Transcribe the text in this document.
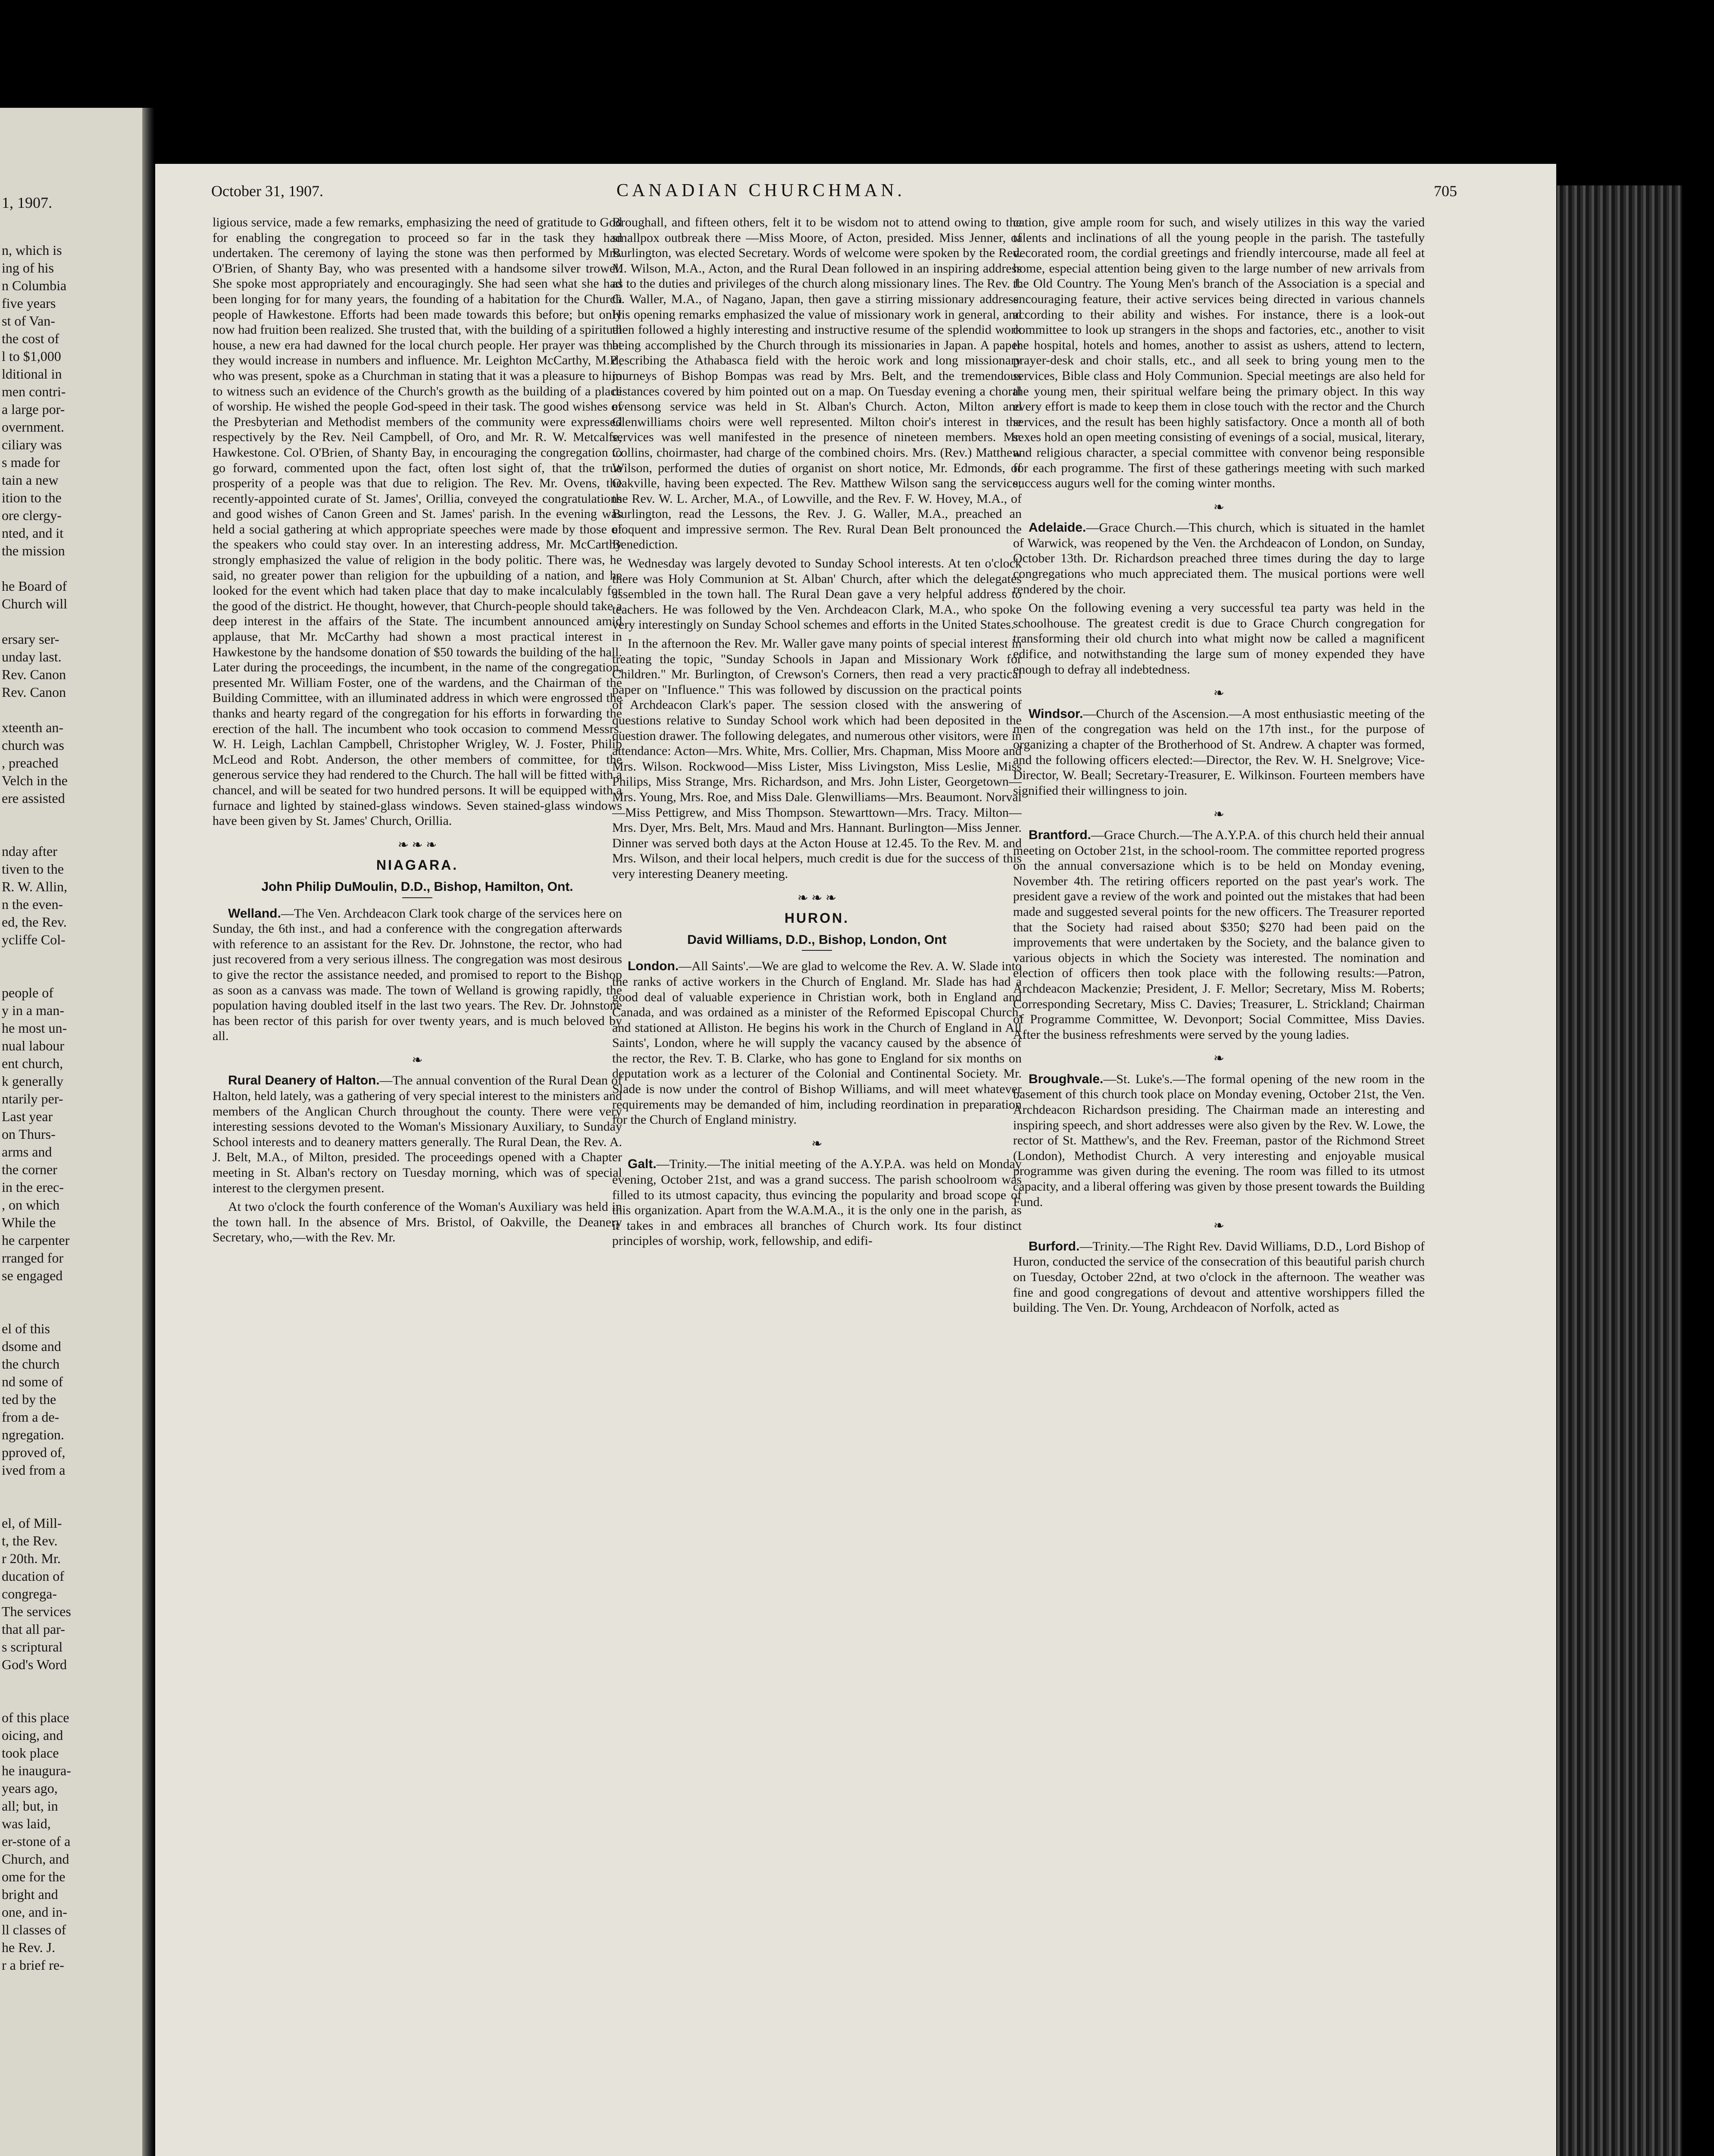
1, 1907.
n, which is
ing of his
n Columbia
five years
st of Van-
the cost of
l to $1,000
lditional in
men contri-
a large por-
overnment.
ciliary was
s made for
tain a new
ition to the
ore clergy-
nted, and it
the mission
he Board of
Church will
ersary ser-
unday last.
Rev. Canon
Rev. Canon
xteenth an-
church was
, preached
Velch in the
ere assisted
nday after
tiven to the
R. W. Allin,
n the even-
ed, the Rev.
ycliffe Col-
people of
y in a man-
he most un-
nual labour
ent church,
k generally
ntarily per-
Last year
on Thurs-
arms and
the corner
in the erec-
, on which
While the
he carpenter
rranged for
se engaged
el of this
dsome and
the church
nd some of
ted by the
from a de-
ngregation.
pproved of,
ived from a
el, of Mill-
t, the Rev.
r 20th. Mr.
ducation of
congrega-
The services
that all par-
s scriptural
God's Word
of this place
oicing, and
took place
he inaugura-
years ago,
all; but, in
was laid,
er-stone of a
Church, and
ome for the
bright and
one, and in-
ll classes of
he Rev. J.
r a brief re-
October 31, 1907.	CANADIAN CHURCHMAN.	705

ligious service, made a few remarks, emphasizing the need of gratitude to God for enabling the congregation to proceed so far in the task they had undertaken. The ceremony of laying the stone was then performed by Mrs. O'Brien, of Shanty Bay, who was presented with a handsome silver trowel. She spoke most appropriately and encouragingly. She had seen what she had been longing for for many years, the founding of a habitation for the Church people of Hawkestone. Efforts had been made towards this before; but only now had fruition been realized. She trusted that, with the building of a spiritual house, a new era had dawned for the local church people. Her prayer was that they would increase in numbers and influence. Mr. Leighton McCarthy, M.P., who was present, spoke as a Churchman in stating that it was a pleasure to him to witness such an evidence of the Church's growth as the building of a place of worship. He wished the people God-speed in their task. The good wishes of the Presbyterian and Methodist members of the community were expressed respectively by the Rev. Neil Campbell, of Oro, and Mr. R. W. Metcalfe, Hawkestone. Col. O'Brien, of Shanty Bay, in encouraging the congregation to go forward, commented upon the fact, often lost sight of, that the true prosperity of a people was that due to religion. The Rev. Mr. Ovens, the recently-appointed curate of St. James', Orillia, conveyed the congratulations and good wishes of Canon Green and St. James' parish. In the evening was held a social gathering at which appropriate speeches were made by those of the speakers who could stay over. In an interesting address, Mr. McCarthy strongly emphasized the value of religion in the body politic. There was, he said, no greater power than religion for the upbuilding of a nation, and he looked for the event which had taken place that day to make incalculably for the good of the district. He thought, however, that Church-people should take a deep interest in the affairs of the State. The incumbent announced amid applause, that Mr. McCarthy had shown a most practical interest in Hawkestone by the handsome donation of $50 towards the building of the hall. Later during the proceedings, the incumbent, in the name of the congregation, presented Mr. William Foster, one of the wardens, and the Chairman of the Building Committee, with an illuminated address in which were engrossed the thanks and hearty regard of the congregation for his efforts in forwarding the erection of the hall. The incumbent who took occasion to commend Messrs. W. H. Leigh, Lachlan Campbell, Christopher Wrigley, W. J. Foster, Philip McLeod and Robt. Anderson, the other members of committee, for the generous service they had rendered to the Church. The hall will be fitted with a chancel, and will be seated for two hundred persons. It will be equipped with a furnace and lighted by stained-glass windows. Seven stained-glass windows have been given by St. James' Church, Orillia.

❧ ❧ ❧
NIAGARA.
John Philip DuMoulin, D.D., Bishop, Hamilton, Ont.

Welland.—The Ven. Archdeacon Clark took charge of the services here on Sunday, the 6th inst., and had a conference with the congregation afterwards with reference to an assistant for the Rev. Dr. Johnstone, the rector, who had just recovered from a very serious illness. The congregation was most desirous to give the rector the assistance needed, and promised to report to the Bishop as soon as a canvass was made. The town of Welland is growing rapidly, the population having doubled itself in the last two years. The Rev. Dr. Johnstone has been rector of this parish for over twenty years, and is much beloved by all.

❧

Rural Deanery of Halton.—The annual convention of the Rural Dean of Halton, held lately, was a gathering of very special interest to the ministers and members of the Anglican Church throughout the county. There were very interesting sessions devoted to the Woman's Missionary Auxiliary, to Sunday School interests and to deanery matters generally. The Rural Dean, the Rev. A. J. Belt, M.A., of Milton, presided. The proceedings opened with a Chapter meeting in St. Alban's rectory on Tuesday morning, which was of special interest to the clergymen present.

At two o'clock the fourth conference of the Woman's Auxiliary was held in the town hall. In the absence of Mrs. Bristol, of Oakville, the Deanery Secretary, who,—with the Rev. Mr.

Broughall, and fifteen others, felt it to be wisdom not to attend owing to the smallpox outbreak there —Miss Moore, of Acton, presided. Miss Jenner, of Burlington, was elected Secretary. Words of welcome were spoken by the Rev. M. Wilson, M.A., Acton, and the Rural Dean followed in an inspiring address as to the duties and privileges of the church along missionary lines. The Rev. J. G. Waller, M.A., of Nagano, Japan, then gave a stirring missionary address. His opening remarks emphasized the value of missionary work in general, and then followed a highly interesting and instructive resume of the splendid work being accomplished by the Church through its missionaries in Japan. A paper describing the Athabasca field with the heroic work and long missionary journeys of Bishop Bompas was read by Mrs. Belt, and the tremendous distances covered by him pointed out on a map. On Tuesday evening a choral evensong service was held in St. Alban's Church. Acton, Milton and Glenwilliams choirs were well represented. Milton choir's interest in the services was well manifested in the presence of nineteen members. Mr. Collins, choirmaster, had charge of the combined choirs. Mrs. (Rev.) Matthew Wilson, performed the duties of organist on short notice, Mr. Edmonds, of Oakville, having been expected. The Rev. Matthew Wilson sang the service; the Rev. W. L. Archer, M.A., of Lowville, and the Rev. F. W. Hovey, M.A., of Burlington, read the Lessons, the Rev. J. G. Waller, M.A., preached an eloquent and impressive sermon. The Rev. Rural Dean Belt pronounced the Benediction.

Wednesday was largely devoted to Sunday School interests. At ten o'clock there was Holy Communion at St. Alban' Church, after which the delegates assembled in the town hall. The Rural Dean gave a very helpful address to teachers. He was followed by the Ven. Archdeacon Clark, M.A., who spoke very interestingly on Sunday School schemes and efforts in the United States.

In the afternoon the Rev. Mr. Waller gave many points of special interest in treating the topic, "Sunday Schools in Japan and Missionary Work for Children." Mr. Burlington, of Crewson's Corners, then read a very practical paper on "Influence." This was followed by discussion on the practical points of Archdeacon Clark's paper. The session closed with the answering of questions relative to Sunday School work which had been deposited in the question drawer. The following delegates, and numerous other visitors, were in attendance: Acton—Mrs. White, Mrs. Collier, Mrs. Chapman, Miss Moore and Mrs. Wilson. Rockwood—Miss Lister, Miss Livingston, Miss Leslie, Miss Philips, Miss Strange, Mrs. Richardson, and Mrs. John Lister, Georgetown—Mrs. Young, Mrs. Roe, and Miss Dale. Glenwilliams—Mrs. Beaumont. Norval—Miss Pettigrew, and Miss Thompson. Stewarttown—Mrs. Tracy. Milton—Mrs. Dyer, Mrs. Belt, Mrs. Maud and Mrs. Hannant. Burlington—Miss Jenner. Dinner was served both days at the Acton House at 12.45. To the Rev. M. and Mrs. Wilson, and their local helpers, much credit is due for the success of this very interesting Deanery meeting.

❧ ❧ ❧
HURON.
David Williams, D.D., Bishop, London, Ont

London.—All Saints'.—We are glad to welcome the Rev. A. W. Slade into the ranks of active workers in the Church of England. Mr. Slade has had a good deal of valuable experience in Christian work, both in England and Canada, and was ordained as a minister of the Reformed Episcopal Church, and stationed at Alliston. He begins his work in the Church of England in All Saints', London, where he will supply the vacancy caused by the absence of the rector, the Rev. T. B. Clarke, who has gone to England for six months on deputation work as a lecturer of the Colonial and Continental Society. Mr. Slade is now under the control of Bishop Williams, and will meet whatever requirements may be demanded of him, including reordination in preparation for the Church of England ministry.

❧

Galt.—Trinity.—The initial meeting of the A.Y.P.A. was held on Monday evening, October 21st, and was a grand success. The parish schoolroom was filled to its utmost capacity, thus evincing the popularity and broad scope of this organization. Apart from the W.A.M.A., it is the only one in the parish, as it takes in and embraces all branches of Church work. Its four distinct principles of worship, work, fellowship, and edifi-

cation, give ample room for such, and wisely utilizes in this way the varied talents and inclinations of all the young people in the parish. The tastefully decorated room, the cordial greetings and friendly intercourse, made all feel at home, especial attention being given to the large number of new arrivals from the Old Country. The Young Men's branch of the Association is a special and encouraging feature, their active services being directed in various channels according to their ability and wishes. For instance, there is a look-out committee to look up strangers in the shops and factories, etc., another to visit the hospital, hotels and homes, another to assist as ushers, attend to lectern, prayer-desk and choir stalls, etc., and all seek to bring young men to the services, Bible class and Holy Communion. Special meetings are also held for the young men, their spiritual welfare being the primary object. In this way every effort is made to keep them in close touch with the rector and the Church services, and the result has been highly satisfactory. Once a month all of both sexes hold an open meeting consisting of evenings of a social, musical, literary, and religious character, a special committee with convenor being responsible for each programme. The first of these gatherings meeting with such marked success augurs well for the coming winter months.

❧

Adelaide.—Grace Church.—This church, which is situated in the hamlet of Warwick, was reopened by the Ven. the Archdeacon of London, on Sunday, October 13th. Dr. Richardson preached three times during the day to large congregations who much appreciated them. The musical portions were well rendered by the choir.

On the following evening a very successful tea party was held in the schoolhouse. The greatest credit is due to Grace Church congregation for transforming their old church into what might now be called a magnificent edifice, and notwithstanding the large sum of money expended they have enough to defray all indebtedness.

❧

Windsor.—Church of the Ascension.—A most enthusiastic meeting of the men of the congregation was held on the 17th inst., for the purpose of organizing a chapter of the Brotherhood of St. Andrew. A chapter was formed, and the following officers elected:—Director, the Rev. W. H. Snelgrove; Vice-Director, W. Beall; Secretary-Treasurer, E. Wilkinson. Fourteen members have signified their willingness to join.

❧

Brantford.—Grace Church.—The A.Y.P.A. of this church held their annual meeting on October 21st, in the school-room. The committee reported progress on the annual conversazione which is to be held on Monday evening, November 4th. The retiring officers reported on the past year's work. The president gave a review of the work and pointed out the mistakes that had been made and suggested several points for the new officers. The Treasurer reported that the Society had raised about $350; $270 had been paid on the improvements that were undertaken by the Society, and the balance given to various objects in which the Society was interested. The nomination and election of officers then took place with the following results:—Patron, Archdeacon Mackenzie; President, J. F. Mellor; Secretary, Miss M. Roberts; Corresponding Secretary, Miss C. Davies; Treasurer, L. Strickland; Chairman of Programme Committee, W. Devonport; Social Committee, Miss Davies. After the business refreshments were served by the young ladies.

❧

Broughvale.—St. Luke's.—The formal opening of the new room in the basement of this church took place on Monday evening, October 21st, the Ven. Archdeacon Richardson presiding. The Chairman made an interesting and inspiring speech, and short addresses were also given by the Rev. W. Lowe, the rector of St. Matthew's, and the Rev. Freeman, pastor of the Richmond Street (London), Methodist Church. A very interesting and enjoyable musical programme was given during the evening. The room was filled to its utmost capacity, and a liberal offering was given by those present towards the Building Fund.

❧

Burford.—Trinity.—The Right Rev. David Williams, D.D., Lord Bishop of Huron, conducted the service of the consecration of this beautiful parish church on Tuesday, October 22nd, at two o'clock in the afternoon. The weather was fine and good congregations of devout and attentive worshippers filled the building. The Ven. Dr. Young, Archdeacon of Norfolk, acted as
